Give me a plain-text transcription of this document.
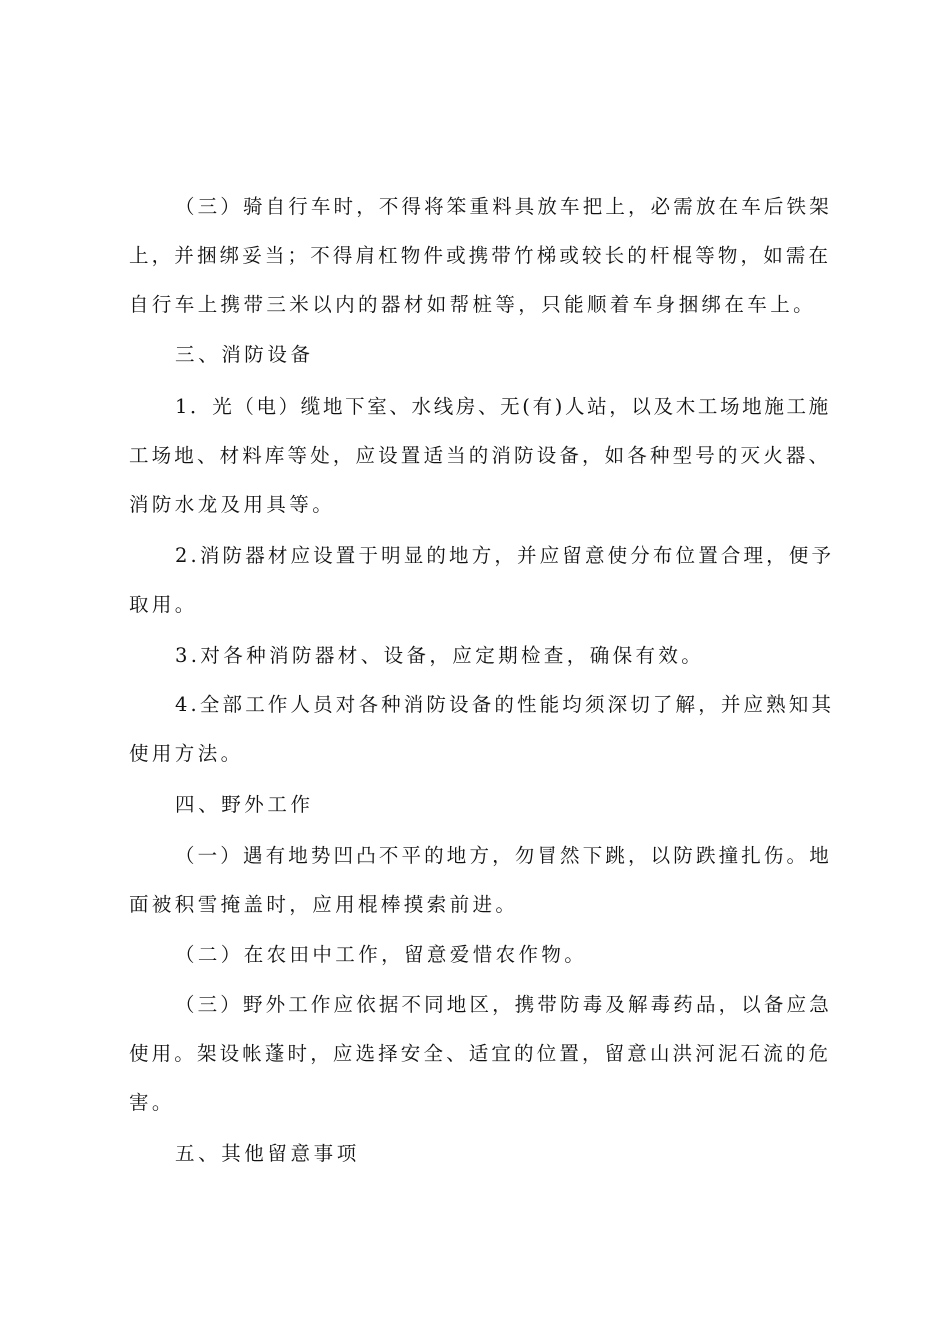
（三）骑自行车时，不得将笨重料具放车把上，必需放在车后铁架
上，并捆绑妥当；不得肩杠物件或携带竹梯或较长的杆棍等物，如需在
自行车上携带三米以内的器材如帮桩等，只能顺着车身捆绑在车上。
三、消防设备
1．光（电）缆地下室、水线房、无(有)人站，以及木工场地施工施
工场地、材料库等处，应设置适当的消防设备，如各种型号的灭火器、
消防水龙及用具等。
2.消防器材应设置于明显的地方，并应留意使分布位置合理，便予
取用。
3.对各种消防器材、设备，应定期检查，确保有效。
4.全部工作人员对各种消防设备的性能均须深切了解，并应熟知其
使用方法。
四、野外工作
（一）遇有地势凹凸不平的地方，勿冒然下跳，以防跌撞扎伤。地
面被积雪掩盖时，应用棍棒摸索前进。
（二）在农田中工作，留意爱惜农作物。
（三）野外工作应依据不同地区，携带防毒及解毒药品，以备应急
使用。架设帐蓬时，应选择安全、适宜的位置，留意山洪河泥石流的危
害。
五、其他留意事项
